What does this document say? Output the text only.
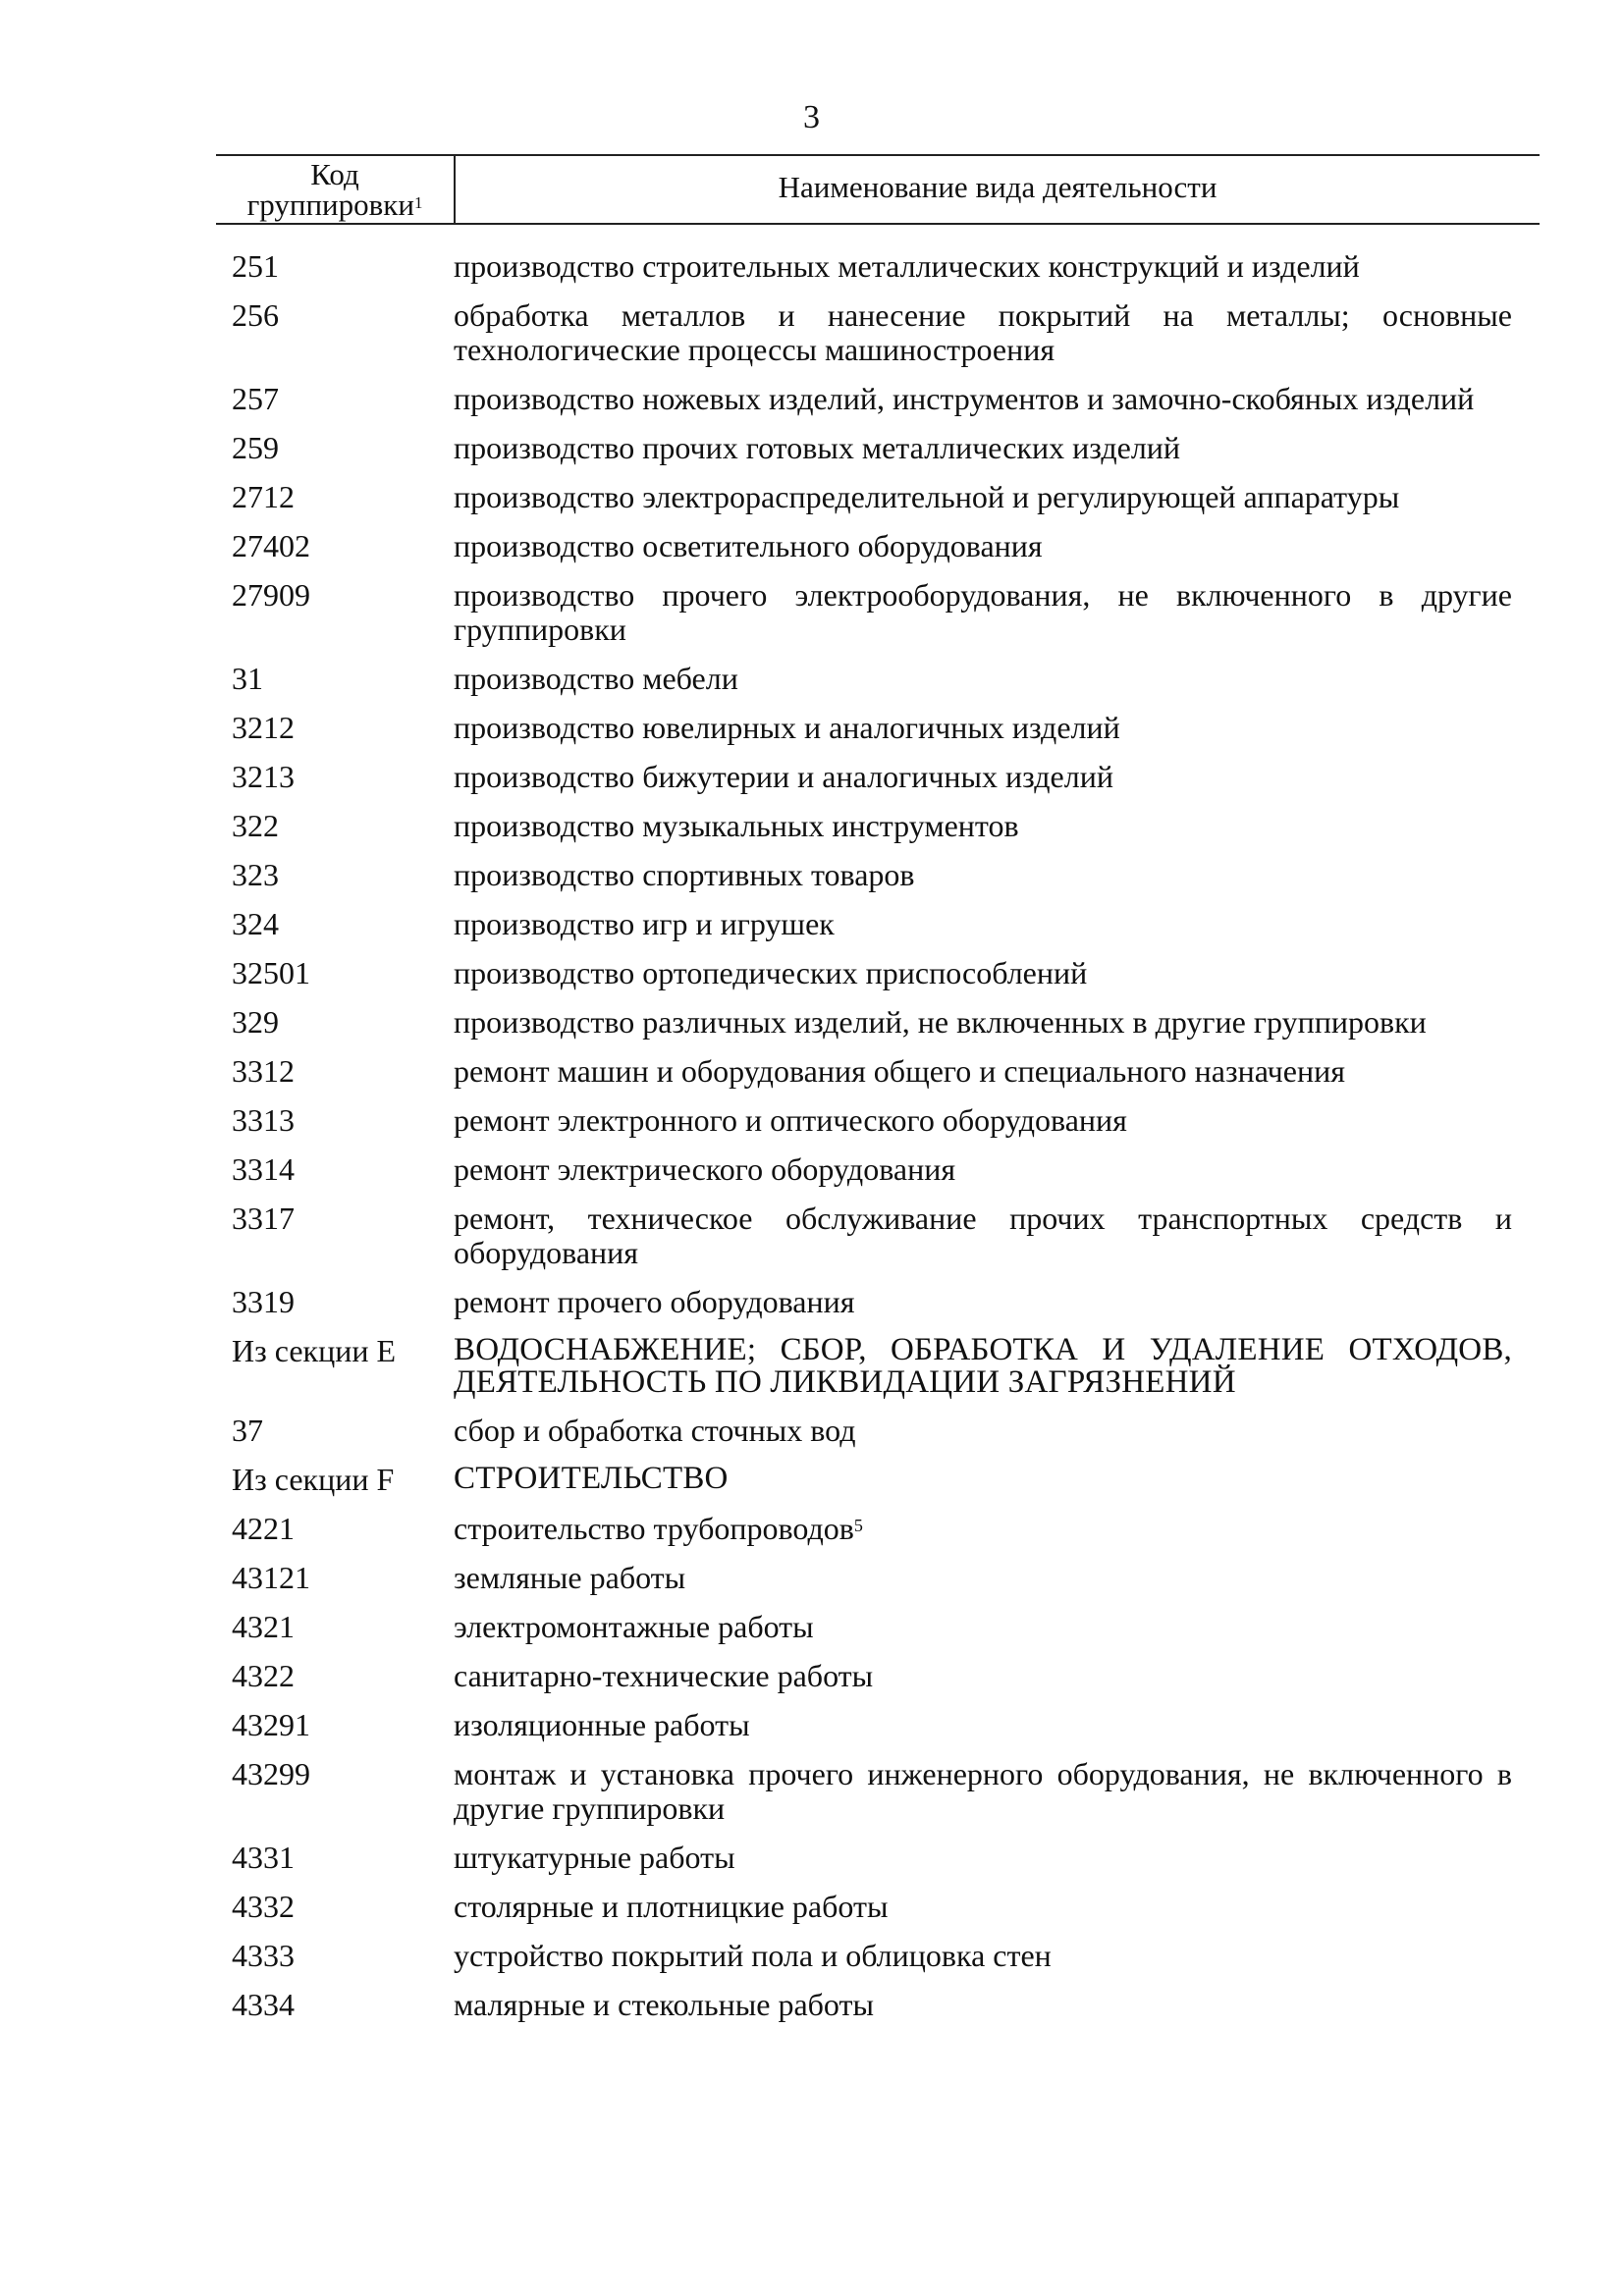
3
Код
группировки$^1$	Наименование вида деятельности
251	производство строительных металлических конструкций и изделий
256	обработка металлов и нанесение покрытий на металлы; основные технологические процессы машиностроения
257	производство ножевых изделий, инструментов и замочно-скобяных изделий
259	производство прочих готовых металлических изделий
2712	производство электрораспределительной и регулирующей аппаратуры
27402	производство осветительного оборудования
27909	производство прочего электрооборудования, не включенного в другие группировки
31	производство мебели
3212	производство ювелирных и аналогичных изделий
3213	производство бижутерии и аналогичных изделий
322	производство музыкальных инструментов
323	производство спортивных товаров
324	производство игр и игрушек
32501	производство ортопедических приспособлений
329	производство различных изделий, не включенных в другие группировки
3312	ремонт машин и оборудования общего и специального назначения
3313	ремонт электронного и оптического оборудования
3314	ремонт электрического оборудования
3317	ремонт, техническое обслуживание прочих транспортных средств и оборудования
3319	ремонт прочего оборудования
Из секции E	ВОДОСНАБЖЕНИЕ; СБОР, ОБРАБОТКА И УДАЛЕНИЕ ОТХОДОВ, ДЕЯТЕЛЬНОСТЬ ПО ЛИКВИДАЦИИ ЗАГРЯЗНЕНИЙ
37	сбор и обработка сточных вод
Из секции F	СТРОИТЕЛЬСТВО
4221	строительство трубопроводов$^5$
43121	земляные работы
4321	электромонтажные работы
4322	санитарно-технические работы
43291	изоляционные работы
43299	монтаж и установка прочего инженерного оборудования, не включенного в другие группировки
4331	штукатурные работы
4332	столярные и плотницкие работы
4333	устройство покрытий пола и облицовка стен
4334	малярные и стекольные работы
